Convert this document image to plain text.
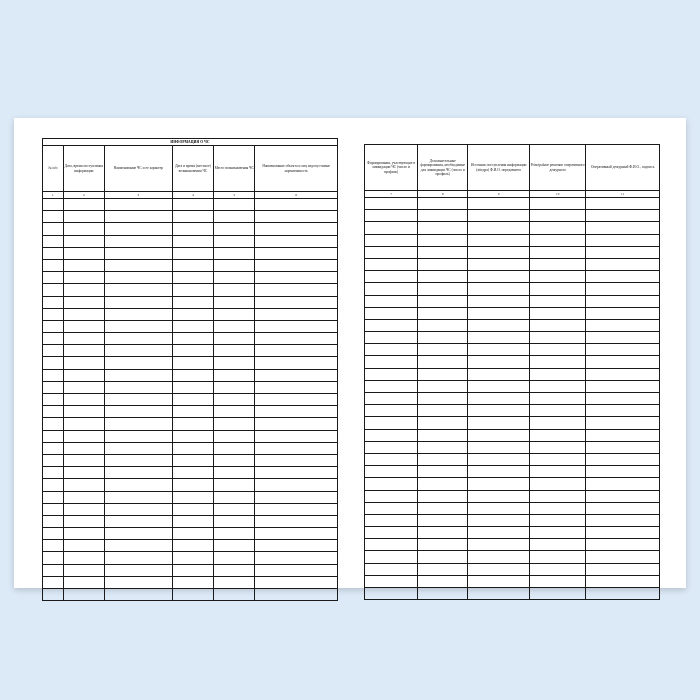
ИНФОРМАЦИЯ О ЧС
№ п/п	Дата, время поступления информации	Наименование ЧС и ее характер	Дата и время (местное) возникновения ЧС	Место возникновения ЧС	Наименование объекта и лиц недопустимые нормативность
1	2	3	4	5	6

Формирования, участвующие в ликвидации ЧС (число и профиль)	Дополнительные формирования, необходимые для ликвидации ЧС (число и профиль)	Источник поступления информации (atteдра) Ф.И.О. передавшего	Principalноe решение оперативного дежурного	Оперативный дежурный Ф.И.О., подпись
7	8	9	10	11
